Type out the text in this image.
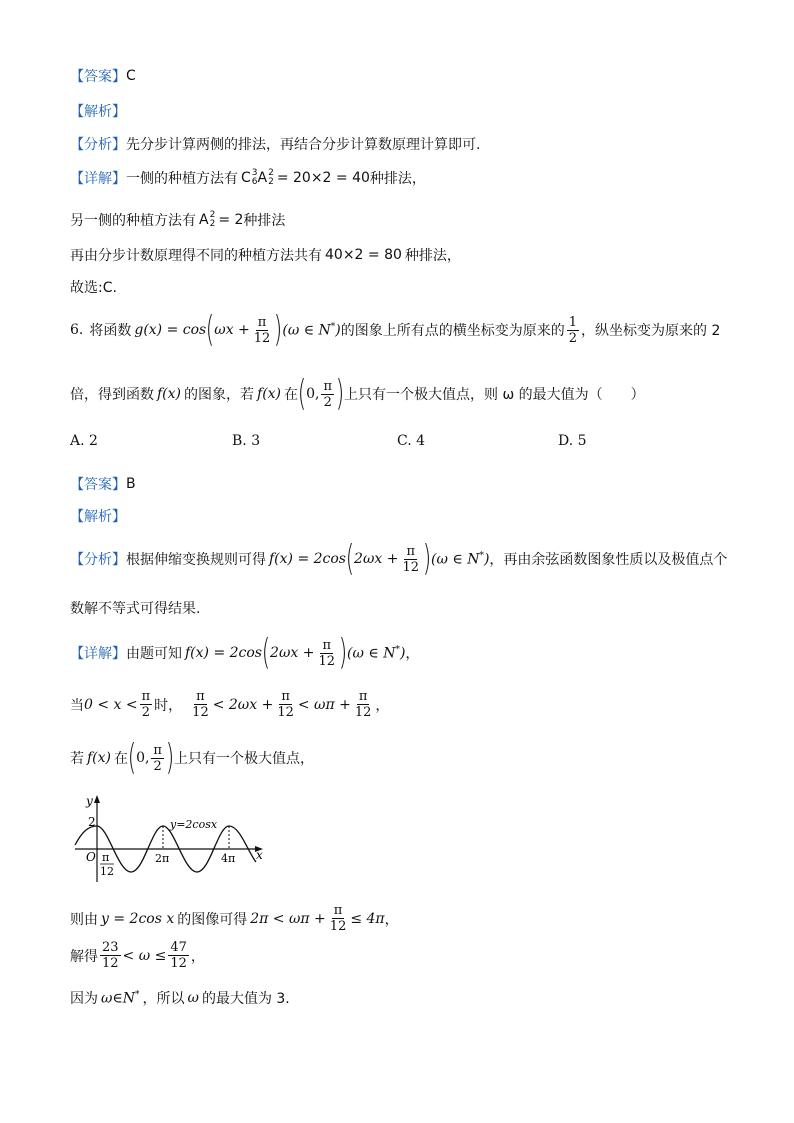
【答案】 C
【解析】
【分析】 先分步计算两侧的排法，再结合分步计算数原理计算即可.
【详解】 一侧的种植方法有 C 3
6 A 2
2 = 20×2 = 40 种排法，
另一侧的种植方法有 A 2
2 = 2 种排法
再由分步计数原理得不同的种植方法共有 40×2 = 80 种排法，
故选:C.
6. 将函数 g(x) = cos ( $\omega x + \frac{\pi}{12}$ ) (ω ∈ N*) 的图象上所有点的横坐标变为原来的 $\frac{1}{2}$ ，纵坐标变为原来的 2
倍，得到函数 f(x) 的图象，若 f(x) 在 ( 0, $\frac{\pi}{2}$ ) 上只有一个极大值点，则 ω 的最大值为（　　）
A. 2	B. 3	C. 4	D. 5
【答案】 B
【解析】
【分析】 根据伸缩变换规则可得 f(x) = 2cos ( $2\omega x + \frac{\pi}{12}$ ) (ω ∈ N*) ，再由余弦函数图象性质以及极值点个
数解不等式可得结果.
【详解】 由题可知 f(x) = 2cos ( $2\omega x + \frac{\pi}{12}$ ) (ω ∈ N*) ，
当 $0 < x < \frac{\pi}{2}$ 时， $\frac{\pi}{12} < 2\omega x + \frac{\pi}{12} < \omega\pi + \frac{\pi}{12}$ ，
若 f(x) 在 ( 0, $\frac{\pi}{2}$ ) 上只有一个极大值点，
y
x
O
2	y=2cosx
2π	4π
π
12
则由 y = 2cos x 的图像可得 $2\pi < \omega\pi + \frac{\pi}{12} \le 4\pi$ ，
解得 $\frac{23}{12} < \omega \le \frac{47}{12}$ ，
因为 ω∈N* ，所以 ω 的最大值为 3.
